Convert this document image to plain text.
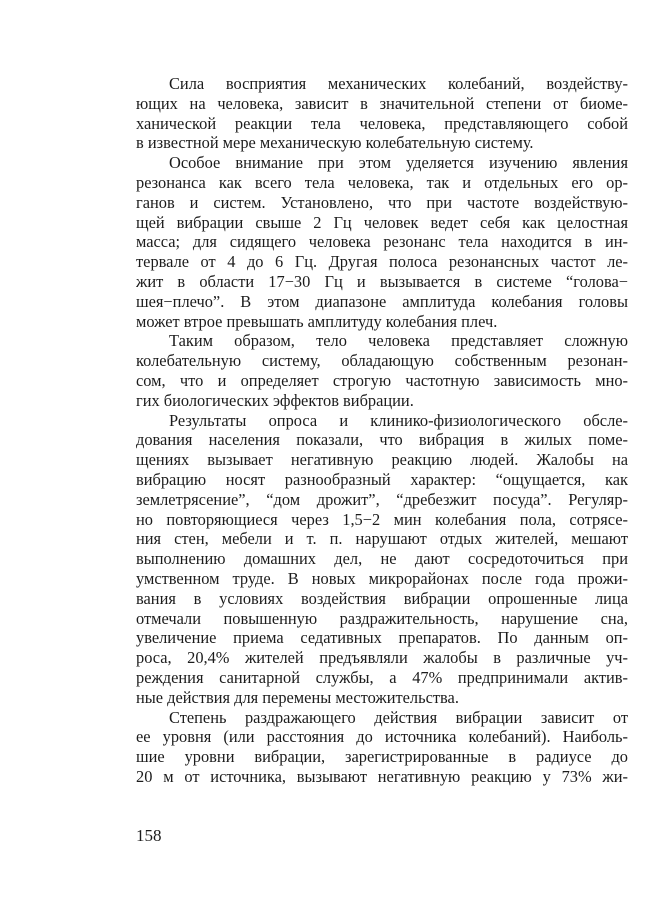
Сила восприятия механических колебаний, воздейству-
ющих на человека, зависит в значительной степени от биоме-
ханической реакции тела человека, представляющего собой
в известной мере механическую колебательную систему.
Особое внимание при этом уделяется изучению явления
резонанса как всего тела человека, так и отдельных его ор-
ганов и систем. Установлено, что при частоте воздействую-
щей вибрации свыше 2 Гц человек ведет себя как целостная
масса; для сидящего человека резонанс тела находится в ин-
тервале от 4 до 6 Гц. Другая полоса резонансных частот ле-
жит в области 17−30 Гц и вызывается в системе “голова−
шея−плечо”. В этом диапазоне амплитуда колебания головы
может втрое превышать амплитуду колебания плеч.
Таким образом, тело человека представляет сложную
колебательную систему, обладающую собственным резонан-
сом, что и определяет строгую частотную зависимость мно-
гих биологических эффектов вибрации.
Результаты опроса и клинико-физиологического обсле-
дования населения показали, что вибрация в жилых поме-
щениях вызывает негативную реакцию людей. Жалобы на
вибрацию носят разнообразный характер: “ощущается, как
землетрясение”, “дом дрожит”, “дребезжит посуда”. Регуляр-
но повторяющиеся через 1,5−2 мин колебания пола, сотрясе-
ния стен, мебели и т. п. нарушают отдых жителей, мешают
выполнению домашних дел, не дают сосредоточиться при
умственном труде. В новых микрорайонах после года прожи-
вания в условиях воздействия вибрации опрошенные лица
отмечали повышенную раздражительность, нарушение сна,
увеличение приема седативных препаратов. По данным оп-
роса, 20,4% жителей предъявляли жалобы в различные уч-
реждения санитарной службы, а 47% предпринимали актив-
ные действия для перемены местожительства.
Степень раздражающего действия вибрации зависит от
ее уровня (или расстояния до источника колебаний). Наиболь-
шие уровни вибрации, зарегистрированные в радиусе до
20 м от источника, вызывают негативную реакцию у 73% жи-
158
